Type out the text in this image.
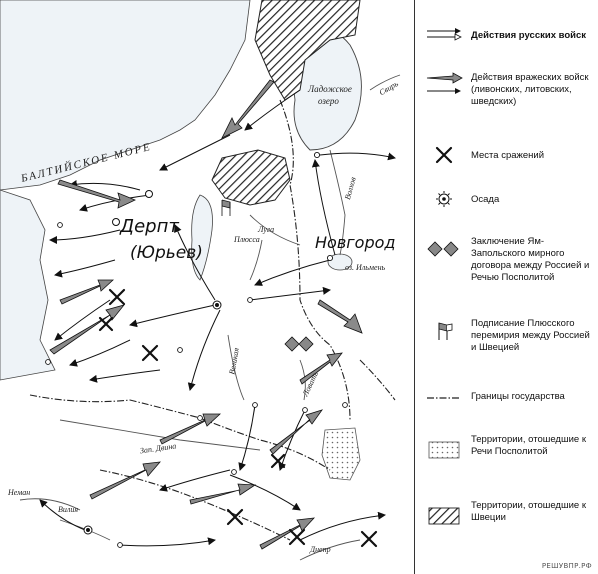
БАЛТИЙСКОЕ МОРЕ
Ладожское
озеро
Свирь
Волхов
Луга
Плюсса
оз. Ильмень
Ловать
Великая
Зап. Двина
Неман
Вилия
Днепр
Дерпт
(Юрьев)
Новгород
Действия русских войск
Действия вражеских войск (ливонских, литовских, шведских)
Места сражений
Осада
Заключение Ям-Запольского мирного договора между Россией и Речью Посполитой
Подписание Плюсского перемирия между Россией и Швецией
Границы государства
Территории, отошедшие к Речи Посполитой
Территории, отошедшие к Швеции
РЕШУВПР.РФ
